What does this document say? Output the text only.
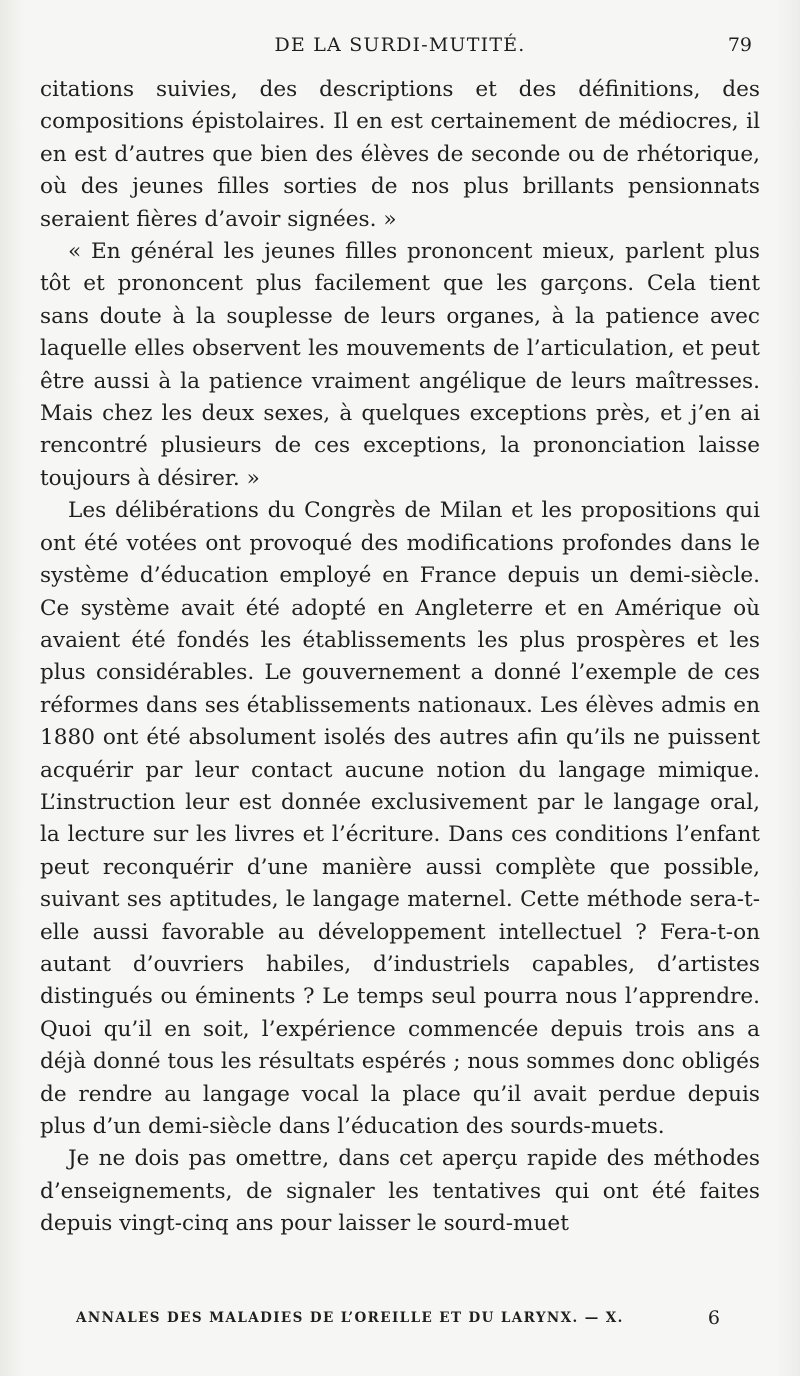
DE LA SURDI-MUTITÉ.	79

citations suivies, des descriptions et des définitions, des compositions épistolaires. Il en est certainement de médiocres, il en est d’autres que bien des élèves de seconde ou de rhétorique, où des jeunes filles sorties de nos plus brillants pensionnats seraient fières d’avoir signées. »

« En général les jeunes filles prononcent mieux, parlent plus tôt et prononcent plus facilement que les garçons. Cela tient sans doute à la souplesse de leurs organes, à la patience avec laquelle elles observent les mouvements de l’articulation, et peut être aussi à la patience vraiment angélique de leurs maîtresses. Mais chez les deux sexes, à quelques exceptions près, et j’en ai rencontré plusieurs de ces exceptions, la prononciation laisse toujours à désirer. »

Les délibérations du Congrès de Milan et les propositions qui ont été votées ont provoqué des modifications profondes dans le système d’éducation employé en France depuis un demi-siècle. Ce système avait été adopté en Angleterre et en Amérique où avaient été fondés les établissements les plus prospères et les plus considérables. Le gouvernement a donné l’exemple de ces réformes dans ses établissements nationaux. Les élèves admis en 1880 ont été absolument isolés des autres afin qu’ils ne puissent acquérir par leur contact aucune notion du langage mimique. L’instruction leur est donnée exclusivement par le langage oral, la lecture sur les livres et l’écriture. Dans ces conditions l’enfant peut reconquérir d’une manière aussi complète que possible, suivant ses aptitudes, le langage maternel. Cette méthode sera-t-elle aussi favorable au développement intellectuel ? Fera-t-on autant d’ouvriers habiles, d’industriels capables, d’artistes distingués ou éminents ? Le temps seul pourra nous l’apprendre. Quoi qu’il en soit, l’expérience commencée depuis trois ans a déjà donné tous les résultats espérés ; nous sommes donc obligés de rendre au langage vocal la place qu’il avait perdue depuis plus d’un demi-siècle dans l’éducation des sourds-muets.

Je ne dois pas omettre, dans cet aperçu rapide des méthodes d’enseignements, de signaler les tentatives qui ont été faites depuis vingt-cinq ans pour laisser le sourd-muet

ANNALES DES MALADIES DE L’OREILLE ET DU LARYNX. — X.	6
